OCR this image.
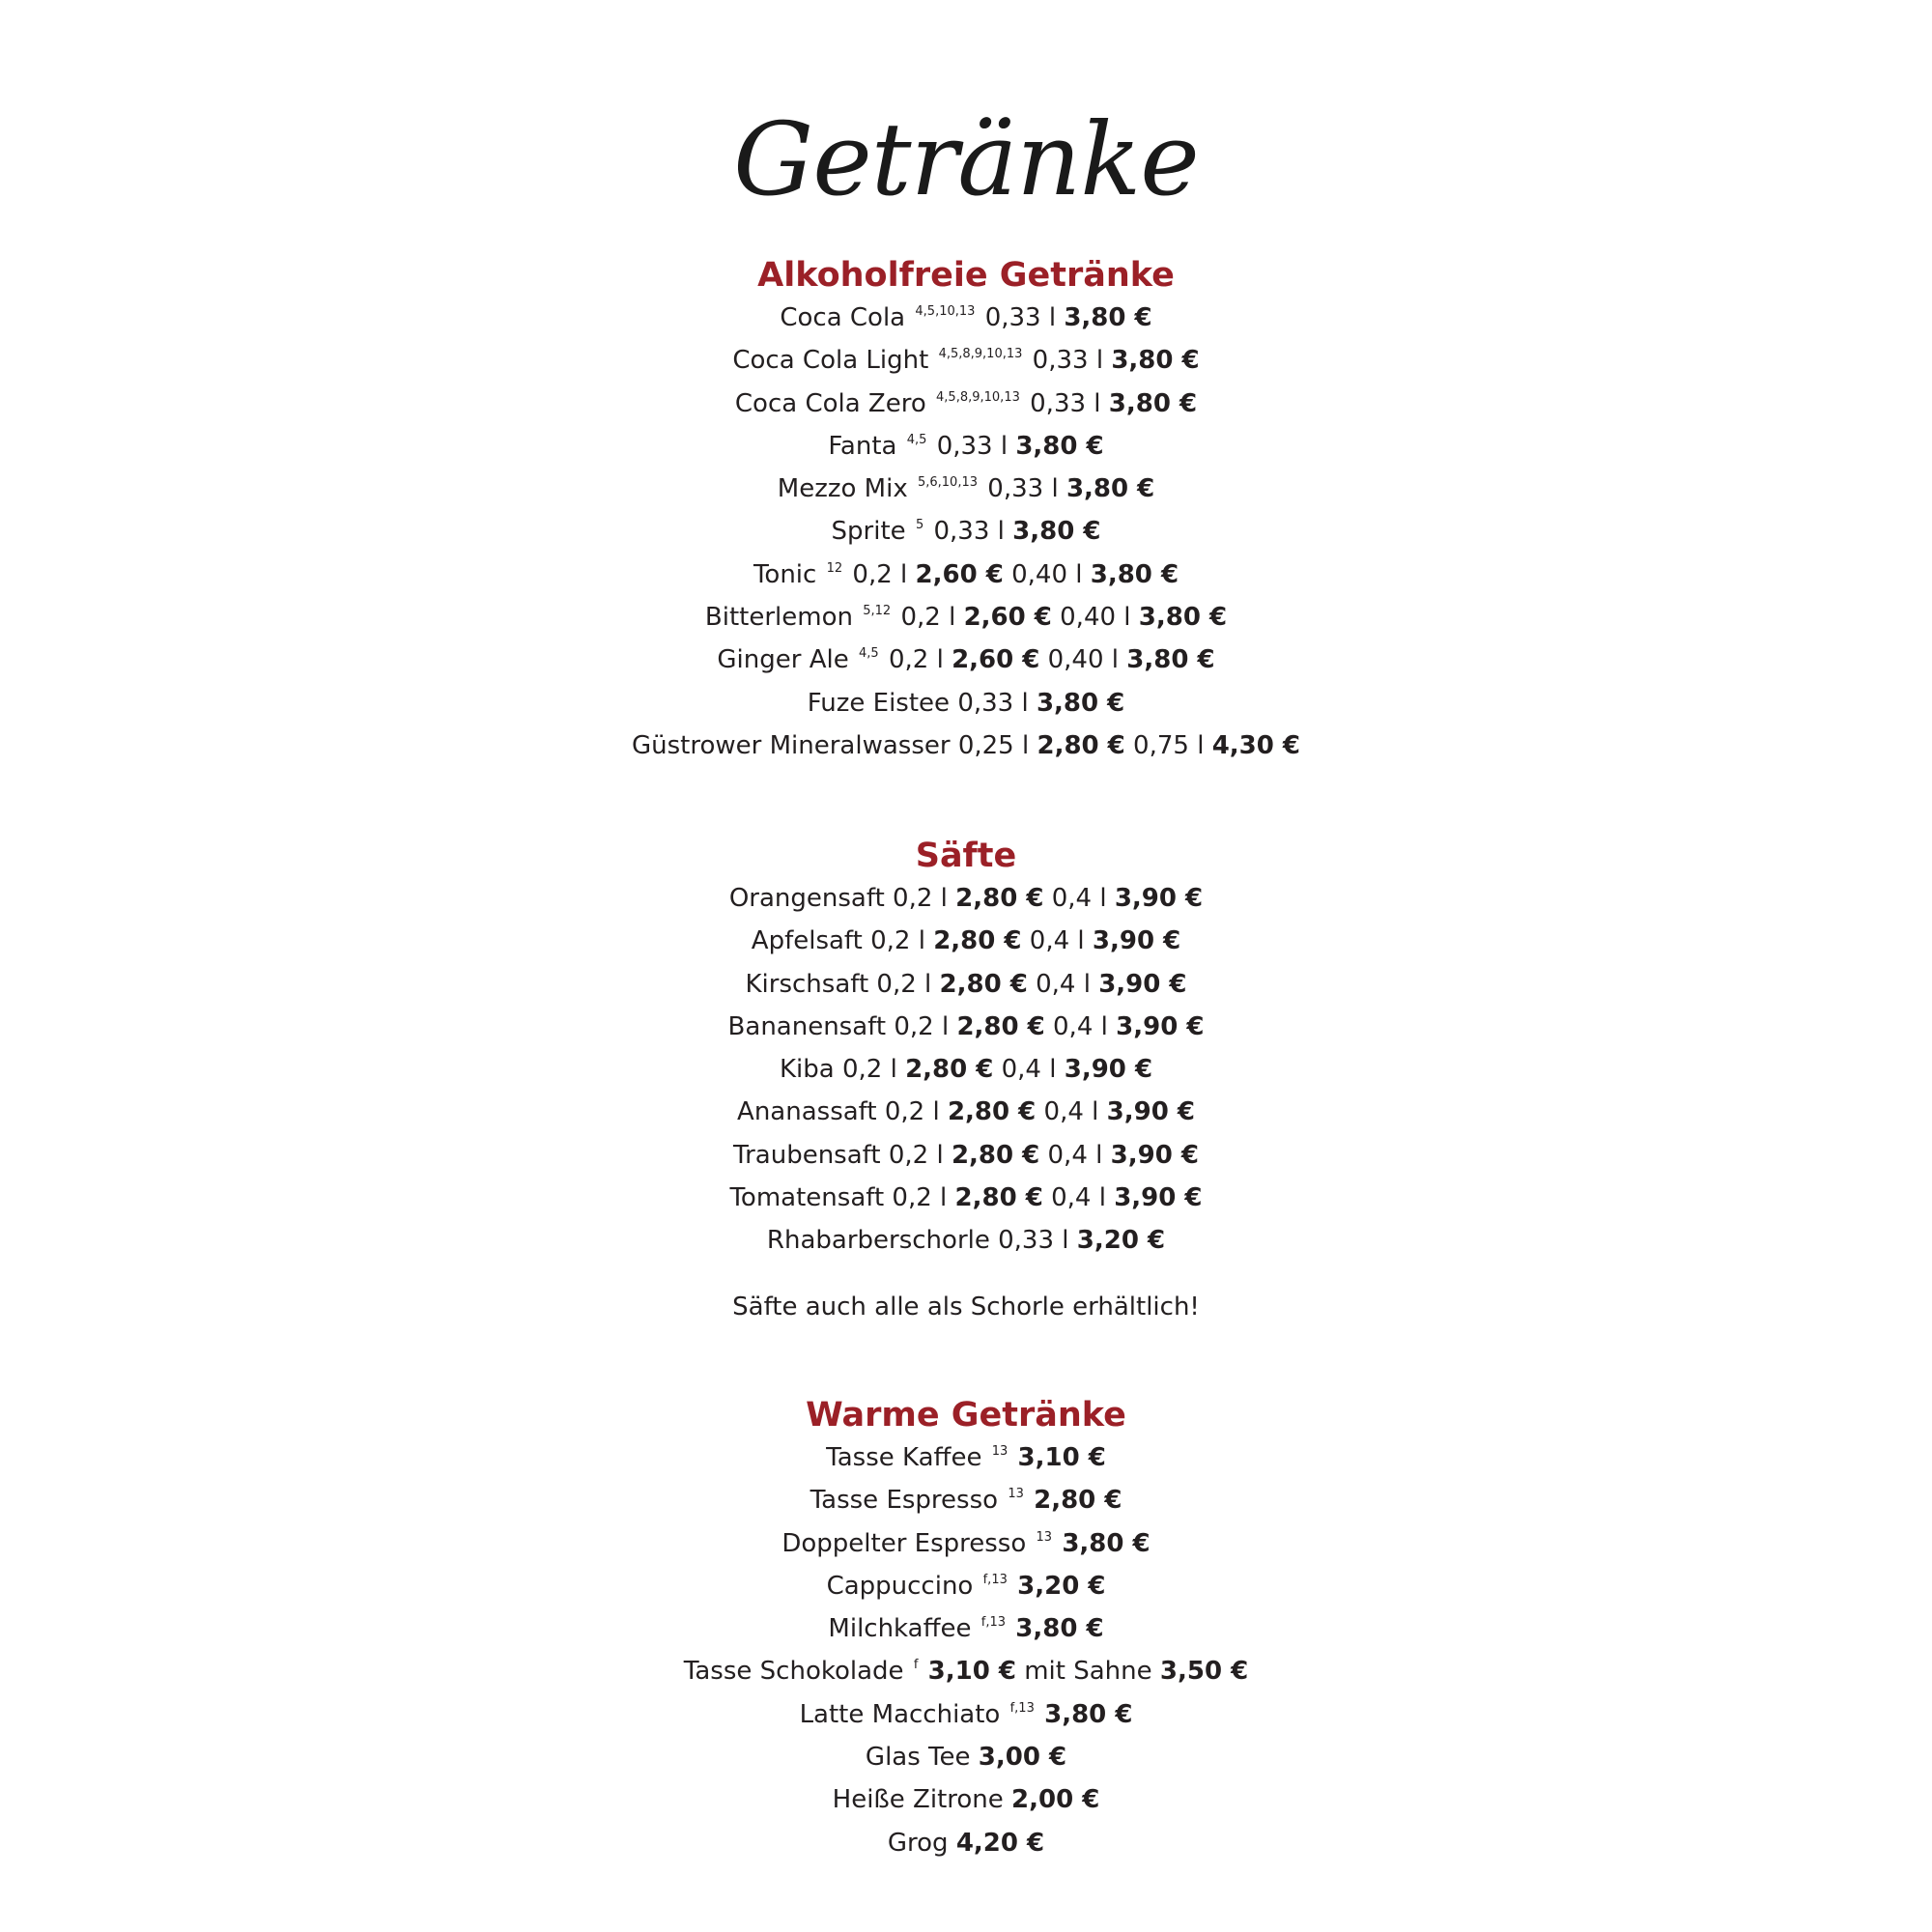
Getränke
Alkoholfreie Getränke
Coca Cola $^{4,5,10,13}$ 0,33 l 3,80 €
Coca Cola Light $^{4,5,8,9,10,13}$ 0,33 l 3,80 €
Coca Cola Zero $^{4,5,8,9,10,13}$ 0,33 l 3,80 €
Fanta $^{4,5}$ 0,33 l 3,80 €
Mezzo Mix $^{5,6,10,13}$ 0,33 l 3,80 €
Sprite $^5$ 0,33 l 3,80 €
Tonic $^{12}$ 0,2 l 2,60 € 0,40 l 3,80 €
Bitterlemon $^{5,12}$ 0,2 l 2,60 € 0,40 l 3,80 €
Ginger Ale $^{4,5}$ 0,2 l 2,60 € 0,40 l 3,80 €
Fuze Eistee 0,33 l 3,80 €
Güstrower Mineralwasser 0,25 l 2,80 € 0,75 l 4,30 €
Säfte
Orangensaft 0,2 l 2,80 € 0,4 l 3,90 €
Apfelsaft 0,2 l 2,80 € 0,4 l 3,90 €
Kirschsaft 0,2 l 2,80 € 0,4 l 3,90 €
Bananensaft 0,2 l 2,80 € 0,4 l 3,90 €
Kiba 0,2 l 2,80 € 0,4 l 3,90 €
Ananassaft 0,2 l 2,80 € 0,4 l 3,90 €
Traubensaft 0,2 l 2,80 € 0,4 l 3,90 €
Tomatensaft 0,2 l 2,80 € 0,4 l 3,90 €
Rhabarberschorle 0,33 l 3,20 €
Säfte auch alle als Schorle erhältlich!
Warme Getränke
Tasse Kaffee $^{13}$ 3,10 €
Tasse Espresso $^{13}$ 2,80 €
Doppelter Espresso $^{13}$ 3,80 €
Cappuccino $^{f,13}$ 3,20 €
Milchkaffee $^{f,13}$ 3,80 €
Tasse Schokolade $^f$ 3,10 € mit Sahne 3,50 €
Latte Macchiato $^{f,13}$ 3,80 €
Glas Tee 3,00 €
Heiße Zitrone 2,00 €
Grog 4,20 €
